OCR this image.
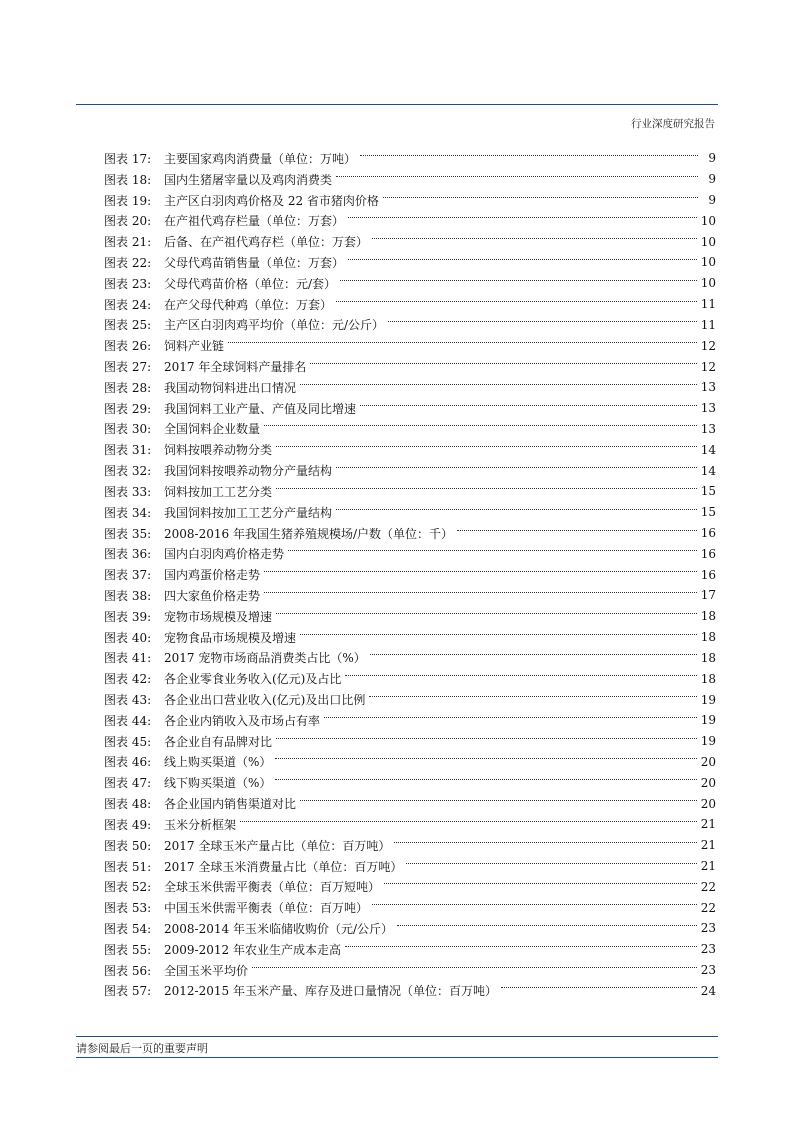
行业深度研究报告
图表 17:	主要国家鸡肉消费量（单位：万吨）	9
图表 18:	国内生猪屠宰量以及鸡肉消费类	9
图表 19:	主产区白羽肉鸡价格及 22 省市猪肉价格	9
图表 20:	在产祖代鸡存栏量（单位：万套）	10
图表 21:	后备、在产祖代鸡存栏（单位：万套）	10
图表 22:	父母代鸡苗销售量（单位：万套）	10
图表 23:	父母代鸡苗价格（单位：元/套）	10
图表 24:	在产父母代种鸡（单位：万套）	11
图表 25:	主产区白羽肉鸡平均价（单位：元/公斤）	11
图表 26:	饲料产业链	12
图表 27:	2017 年全球饲料产量排名	12
图表 28:	我国动物饲料进出口情况	13
图表 29:	我国饲料工业产量、产值及同比增速	13
图表 30:	全国饲料企业数量	13
图表 31:	饲料按喂养动物分类	14
图表 32:	我国饲料按喂养动物分产量结构	14
图表 33:	饲料按加工工艺分类	15
图表 34:	我国饲料按加工工艺分产量结构	15
图表 35:	2008-2016 年我国生猪养殖规模场/户数（单位：千）	16
图表 36:	国内白羽肉鸡价格走势	16
图表 37:	国内鸡蛋价格走势	16
图表 38:	四大家鱼价格走势	17
图表 39:	宠物市场规模及增速	18
图表 40:	宠物食品市场规模及增速	18
图表 41:	2017 宠物市场商品消费类占比（%）	18
图表 42:	各企业零食业务收入(亿元)及占比	18
图表 43:	各企业出口营业收入(亿元)及出口比例	19
图表 44:	各企业内销收入及市场占有率	19
图表 45:	各企业自有品牌对比	19
图表 46:	线上购买渠道（%）	20
图表 47:	线下购买渠道（%）	20
图表 48:	各企业国内销售渠道对比	20
图表 49:	玉米分析框架	21
图表 50:	2017 全球玉米产量占比（单位：百万吨）	21
图表 51:	2017 全球玉米消费量占比（单位：百万吨）	21
图表 52:	全球玉米供需平衡表（单位：百万短吨）	22
图表 53:	中国玉米供需平衡表（单位：百万吨）	22
图表 54:	2008-2014 年玉米临储收购价（元/公斤）	23
图表 55:	2009-2012 年农业生产成本走高	23
图表 56:	全国玉米平均价	23
图表 57:	2012-2015 年玉米产量、库存及进口量情况（单位：百万吨）	24
请参阅最后一页的重要声明
